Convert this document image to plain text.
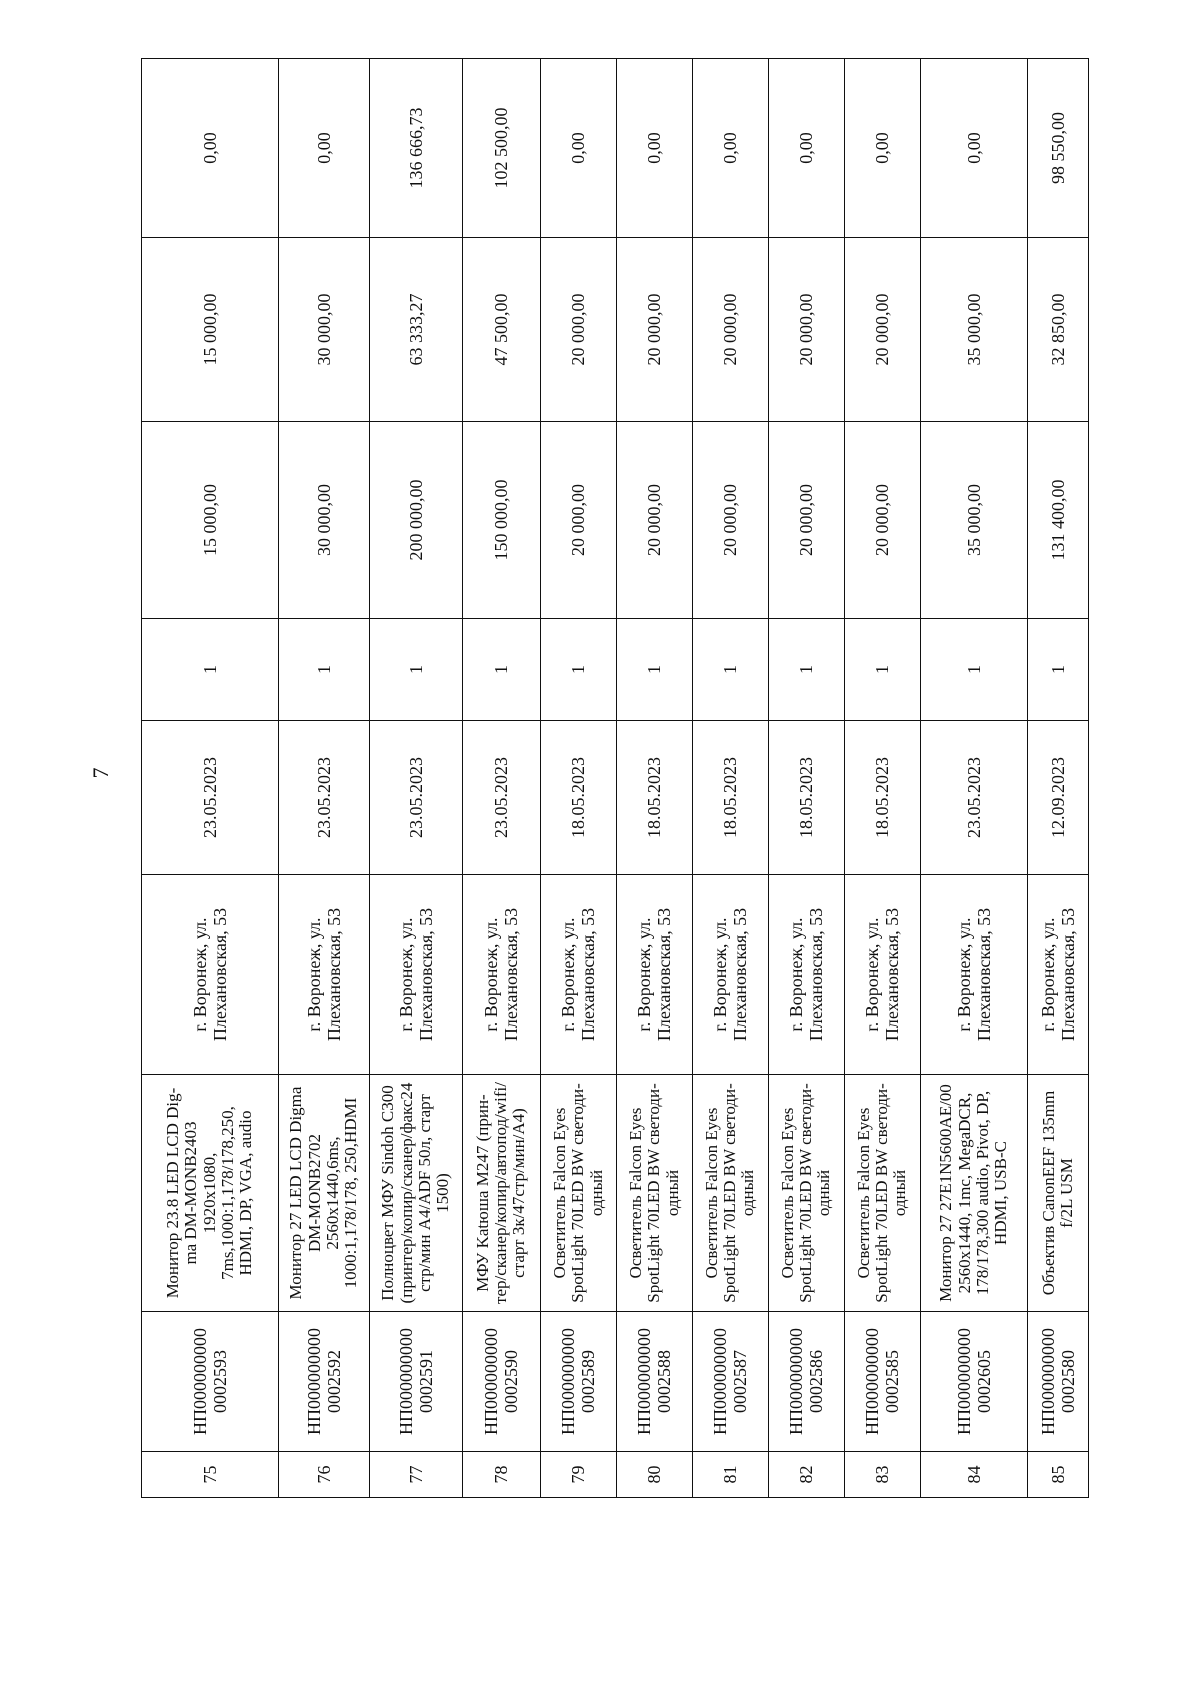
7
75	НП000000000
0002593	Монитор 23.8 LED LCD Dig-
ma DM-MONB2403
1920x1080,
7ms,1000:1,178/178,250,
HDMI, DP, VGA, audio	г. Воронеж, ул.
Плехановская, 53	23.05.2023	1	15 000,00	15 000,00	0,00
76	НП000000000
0002592	Монитор 27 LED LCD Digma
DM-MONB2702
2560x1440,6ms,
1000:1,178/178, 250,HDMI	г. Воронеж, ул.
Плехановская, 53	23.05.2023	1	30 000,00	30 000,00	0,00
77	НП000000000
0002591	Полноцвет МФУ Sindoh C300
(принтер/копир/сканер/факс24
стр/мин A4/ADF 50л, старт
1500)	г. Воронеж, ул.
Плехановская, 53	23.05.2023	1	200 000,00	63 333,27	136 666,73
78	НП000000000
0002590	МФУ Katюша M247 (прин-
тер/сканер/копир/автопод/wifi/
старт 3к/47стр/мин/A4)	г. Воронеж, ул.
Плехановская, 53	23.05.2023	1	150 000,00	47 500,00	102 500,00
79	НП000000000
0002589	Осветитель Falcon Eyes
SpotLight 70LED BW светоди-
одный	г. Воронеж, ул.
Плехановская, 53	18.05.2023	1	20 000,00	20 000,00	0,00
80	НП000000000
0002588	Осветитель Falcon Eyes
SpotLight 70LED BW светоди-
одный	г. Воронеж, ул.
Плехановская, 53	18.05.2023	1	20 000,00	20 000,00	0,00
81	НП000000000
0002587	Осветитель Falcon Eyes
SpotLight 70LED BW светоди-
одный	г. Воронеж, ул.
Плехановская, 53	18.05.2023	1	20 000,00	20 000,00	0,00
82	НП000000000
0002586	Осветитель Falcon Eyes
SpotLight 70LED BW светоди-
одный	г. Воронеж, ул.
Плехановская, 53	18.05.2023	1	20 000,00	20 000,00	0,00
83	НП000000000
0002585	Осветитель Falcon Eyes
SpotLight 70LED BW светоди-
одный	г. Воронеж, ул.
Плехановская, 53	18.05.2023	1	20 000,00	20 000,00	0,00
84	НП000000000
0002605	Монитор 27 27E1N5600AE/00
2560x1440, 1mc, MegaDCR,
178/178,300 audio, Pivot, DP,
HDMI, USB-C	г. Воронеж, ул.
Плехановская, 53	23.05.2023	1	35 000,00	35 000,00	0,00
85	НП000000000
0002580	Объектив CanonEEF 135mm
f/2L USM	г. Воронеж, ул.
Плехановская, 53	12.09.2023	1	131 400,00	32 850,00	98 550,00
